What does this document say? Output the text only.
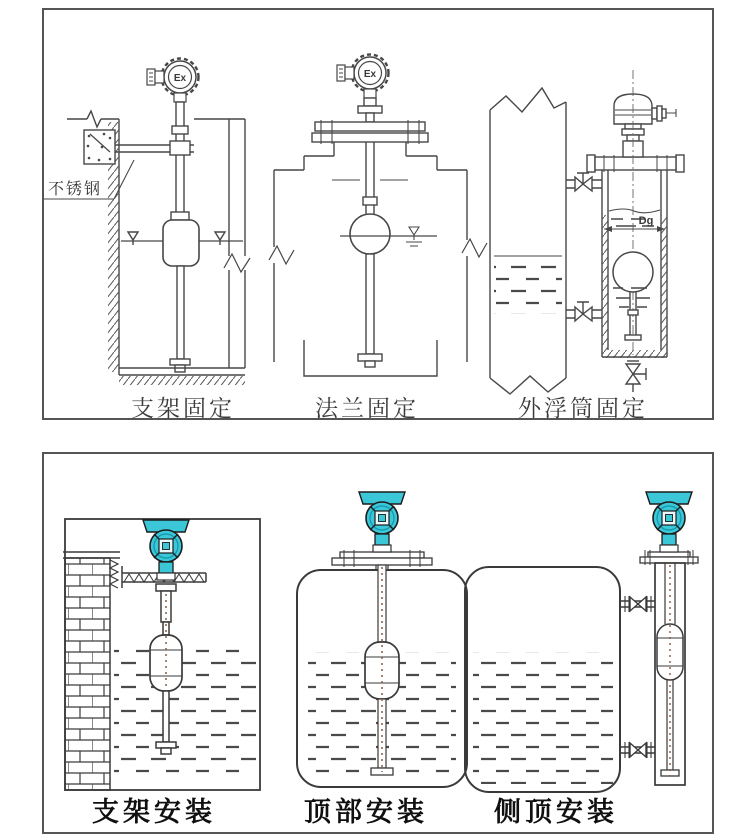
不锈钢
Ex	Ex
Dg
支架固定	法兰固定	外浮筒固定
支架安装	顶部安装	侧顶安装
